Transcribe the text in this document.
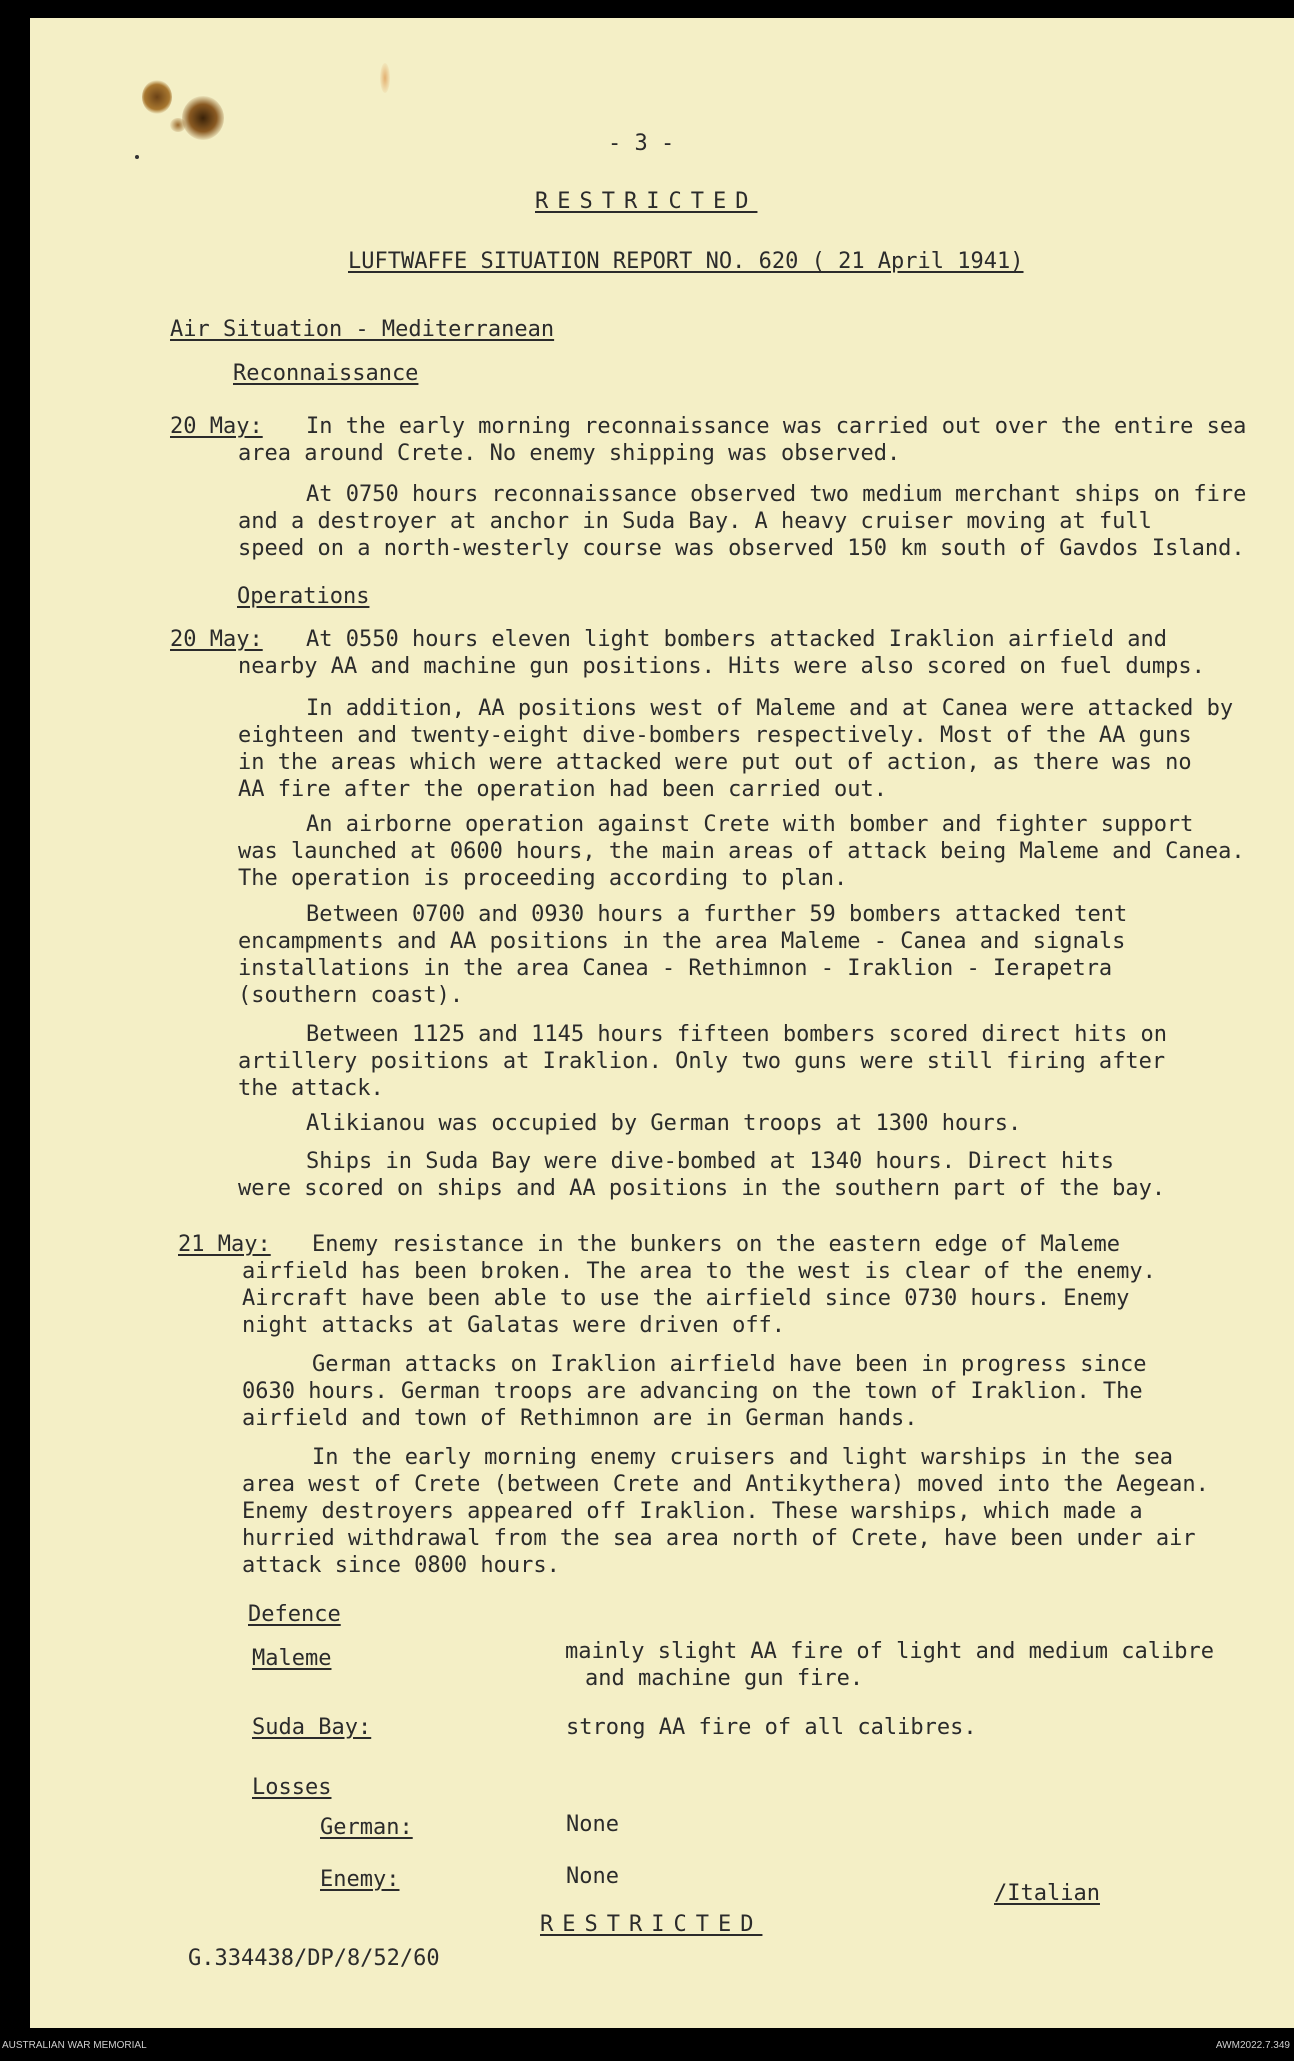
- 3 -
RESTRICTED
LUFTWAFFE SITUATION REPORT NO. 620 ( 21 April 1941)
Air Situation - Mediterranean
Reconnaissance
20 May: In the early morning reconnaissance was carried out over the entire sea
area around Crete. No enemy shipping was observed.
At 0750 hours reconnaissance observed two medium merchant ships on fire
and a destroyer at anchor in Suda Bay. A heavy cruiser moving at full
speed on a north-westerly course was observed 150 km south of Gavdos Island.
Operations
20 May: At 0550 hours eleven light bombers attacked Iraklion airfield and
nearby AA and machine gun positions. Hits were also scored on fuel dumps.
In addition, AA positions west of Maleme and at Canea were attacked by
eighteen and twenty-eight dive-bombers respectively. Most of the AA guns
in the areas which were attacked were put out of action, as there was no
AA fire after the operation had been carried out.
An airborne operation against Crete with bomber and fighter support
was launched at 0600 hours, the main areas of attack being Maleme and Canea.
The operation is proceeding according to plan.
Between 0700 and 0930 hours a further 59 bombers attacked tent
encampments and AA positions in the area Maleme - Canea and signals
installations in the area Canea - Rethimnon - Iraklion - Ierapetra
(southern coast).
Between 1125 and 1145 hours fifteen bombers scored direct hits on
artillery positions at Iraklion. Only two guns were still firing after
the attack.
Alikianou was occupied by German troops at 1300 hours.
Ships in Suda Bay were dive-bombed at 1340 hours. Direct hits
were scored on ships and AA positions in the southern part of the bay.
21 May: Enemy resistance in the bunkers on the eastern edge of Maleme
airfield has been broken. The area to the west is clear of the enemy.
Aircraft have been able to use the airfield since 0730 hours. Enemy
night attacks at Galatas were driven off.
German attacks on Iraklion airfield have been in progress since
0630 hours. German troops are advancing on the town of Iraklion. The
airfield and town of Rethimnon are in German hands.
In the early morning enemy cruisers and light warships in the sea
area west of Crete (between Crete and Antikythera) moved into the Aegean.
Enemy destroyers appeared off Iraklion. These warships, which made a
hurried withdrawal from the sea area north of Crete, have been under air
attack since 0800 hours.
Defence
Maleme	mainly slight AA fire of light and medium calibre
and machine gun fire.
Suda Bay:	strong AA fire of all calibres.
Losses
German:	None
Enemy:	None
/Italian
RESTRICTED
G.334438/DP/8/52/60
AUSTRALIAN WAR MEMORIAL	AWM2022.7.349
